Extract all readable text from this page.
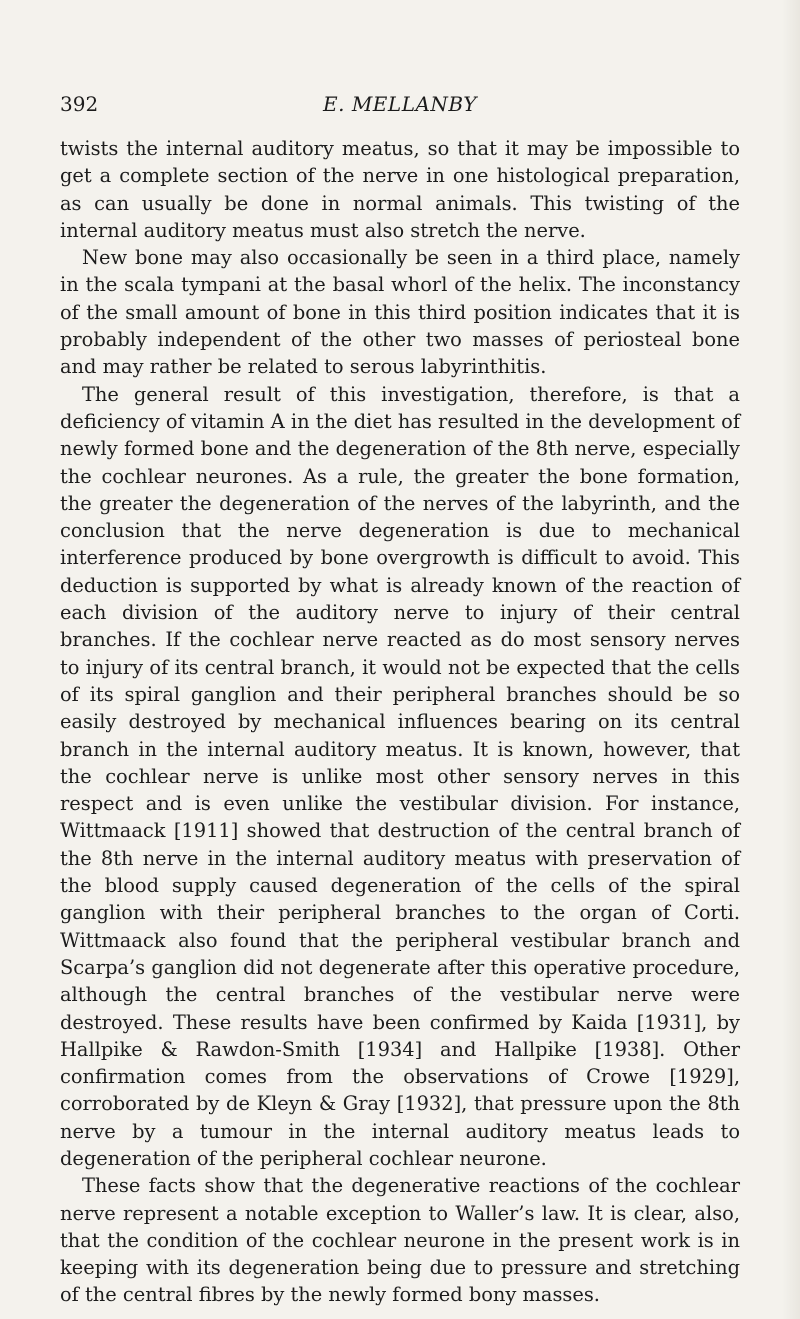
392	E. MELLANBY

twists the internal auditory meatus, so that it may be impossible to get a complete section of the nerve in one histological preparation, as can usually be done in normal animals. This twisting of the internal auditory meatus must also stretch the nerve.

New bone may also occasionally be seen in a third place, namely in the scala tympani at the basal whorl of the helix. The inconstancy of the small amount of bone in this third position indicates that it is probably independent of the other two masses of periosteal bone and may rather be related to serous labyrinthitis.

The general result of this investigation, therefore, is that a deficiency of vitamin A in the diet has resulted in the development of newly formed bone and the degeneration of the 8th nerve, especially the cochlear neurones. As a rule, the greater the bone formation, the greater the degeneration of the nerves of the labyrinth, and the conclusion that the nerve degeneration is due to mechanical interference produced by bone overgrowth is difficult to avoid. This deduction is supported by what is already known of the reaction of each division of the auditory nerve to injury of their central branches. If the cochlear nerve reacted as do most sensory nerves to injury of its central branch, it would not be expected that the cells of its spiral ganglion and their peripheral branches should be so easily destroyed by mechanical influences bearing on its central branch in the internal auditory meatus. It is known, however, that the cochlear nerve is unlike most other sensory nerves in this respect and is even unlike the vestibular division. For instance, Wittmaack [1911] showed that destruction of the central branch of the 8th nerve in the internal auditory meatus with preservation of the blood supply caused degeneration of the cells of the spiral ganglion with their peripheral branches to the organ of Corti. Wittmaack also found that the peripheral vestibular branch and Scarpa’s ganglion did not degenerate after this operative procedure, although the central branches of the vestibular nerve were destroyed. These results have been confirmed by Kaida [1931], by Hallpike & Rawdon-Smith [1934] and Hallpike [1938]. Other confirmation comes from the observations of Crowe [1929], corroborated by de Kleyn & Gray [1932], that pressure upon the 8th nerve by a tumour in the internal auditory meatus leads to degeneration of the peripheral cochlear neurone.

These facts show that the degenerative reactions of the cochlear nerve represent a notable exception to Waller’s law. It is clear, also, that the condition of the cochlear neurone in the present work is in keeping with its degeneration being due to pressure and stretching of the central fibres by the newly formed bony masses.
